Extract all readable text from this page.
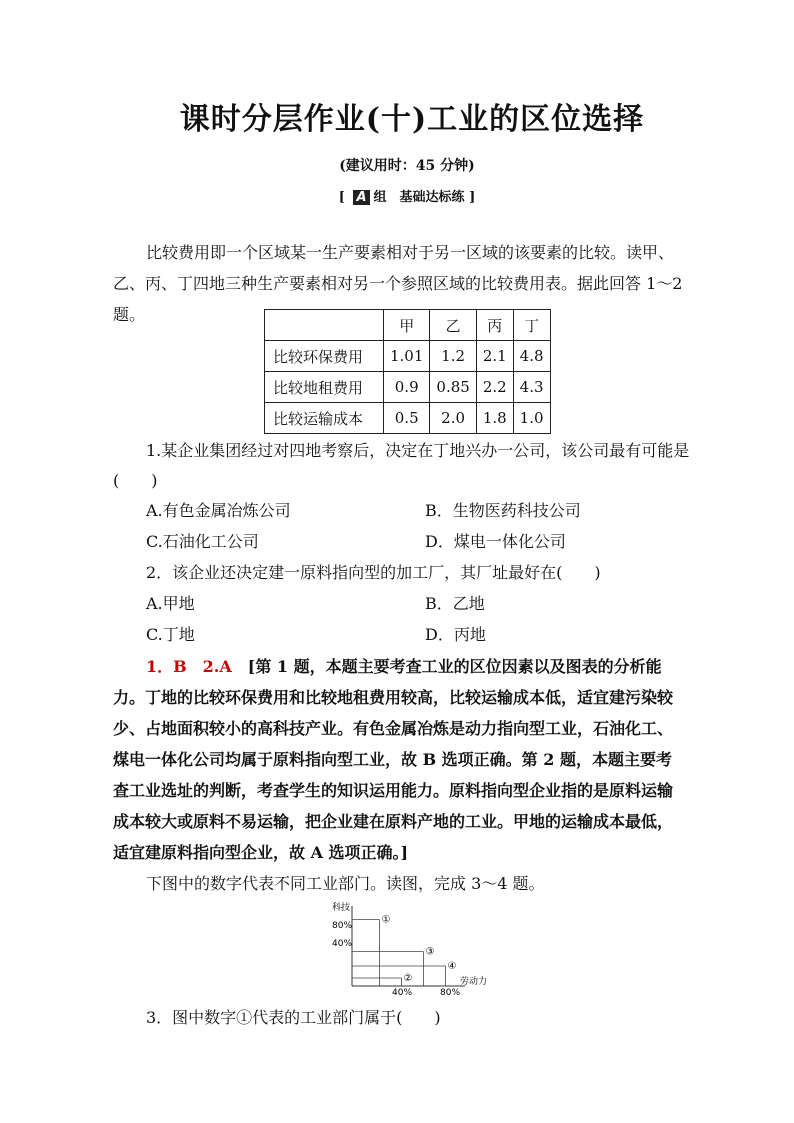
课时分层作业(十)工业的区位选择
(建议用时：45 分钟)
[ A 组　基础达标练 ]
比较费用即一个区域某一生产要素相对于另一区域的该要素的比较。读甲、乙、丙、丁四地三种生产要素相对另一个参照区域的比较费用表。据此回答 1～2 题。
	甲	乙	丙	丁
比较环保费用	1.01	1.2	2.1	4.8
比较地租费用	0.9	0.85	2.2	4.3
比较运输成本	0.5	2.0	1.8	1.0
1.某企业集团经过对四地考察后，决定在丁地兴办一公司，该公司最有可能是
(　　)
A.有色金属冶炼公司	B．生物医药科技公司
C.石油化工公司	D．煤电一体化公司
2．该企业还决定建一原料指向型的加工厂，其厂址最好在(　　)
A.甲地	B．乙地
C.丁地	D．丙地
1．B　2.A　[第 1 题，本题主要考查工业的区位因素以及图表的分析能力。丁地的比较环保费用和比较地租费用较高，比较运输成本低，适宜建污染较少、占地面积较小的高科技产业。有色金属冶炼是动力指向型工业，石油化工、煤电一体化公司均属于原料指向型工业，故 B 选项正确。第 2 题，本题主要考查工业选址的判断，考查学生的知识运用能力。原料指向型企业指的是原料运输成本较大或原料不易运输，把企业建在原料产地的工业。甲地的运输成本最低，适宜建原料指向型企业，故 A 选项正确。]
下图中的数字代表不同工业部门。读图，完成 3～4 题。
科技
劳动力
80%
40%
40%	80%
①
②
③
④
3．图中数字①代表的工业部门属于(　　)
